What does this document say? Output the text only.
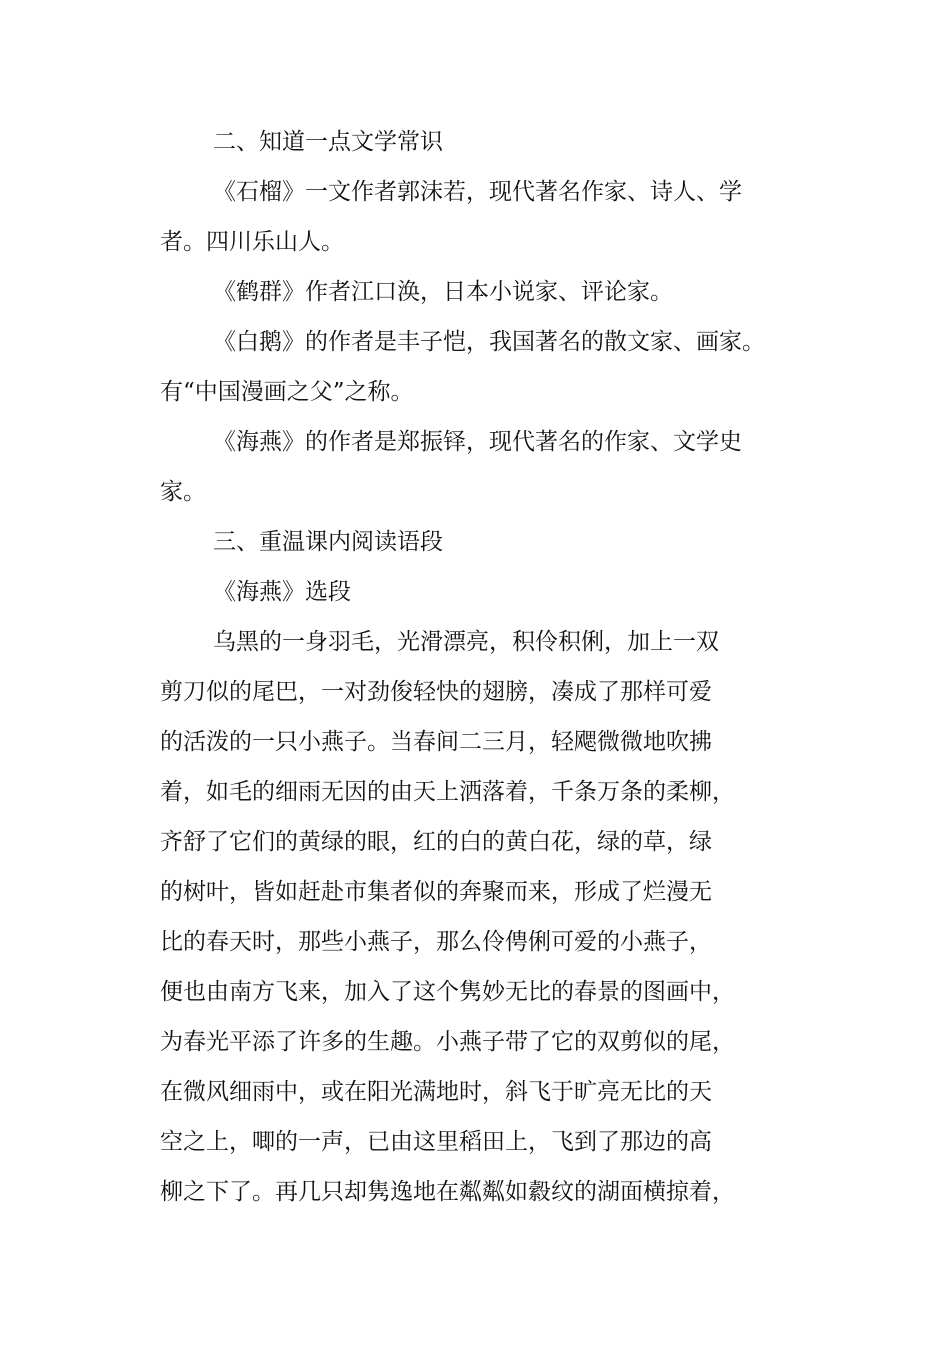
二、知道一点文学常识
《石榴》一文作者郭沫若，现代著名作家、诗人、学
者。四川乐山人。
《鹤群》作者江口涣，日本小说家、评论家。
《白鹅》的作者是丰子恺，我国著名的散文家、画家。
有“中国漫画之父”之称。
《海燕》的作者是郑振铎，现代著名的作家、文学史
家。
三、重温课内阅读语段
《海燕》选段
乌黑的一身羽毛，光滑漂亮，积伶积俐，加上一双
剪刀似的尾巴，一对劲俊轻快的翅膀，凑成了那样可爱
的活泼的一只小燕子。当春间二三月，轻飔微微地吹拂
着，如毛的细雨无因的由天上洒落着，千条万条的柔柳，
齐舒了它们的黄绿的眼，红的白的黄白花，绿的草，绿
的树叶，皆如赶赴市集者似的奔聚而来，形成了烂漫无
比的春天时，那些小燕子，那么伶俜俐可爱的小燕子，
便也由南方飞来，加入了这个隽妙无比的春景的图画中，
为春光平添了许多的生趣。小燕子带了它的双剪似的尾，
在微风细雨中，或在阳光满地时，斜飞于旷亮无比的天
空之上，唧的一声，已由这里稻田上，飞到了那边的高
柳之下了。再几只却隽逸地在粼粼如縠纹的湖面横掠着，
